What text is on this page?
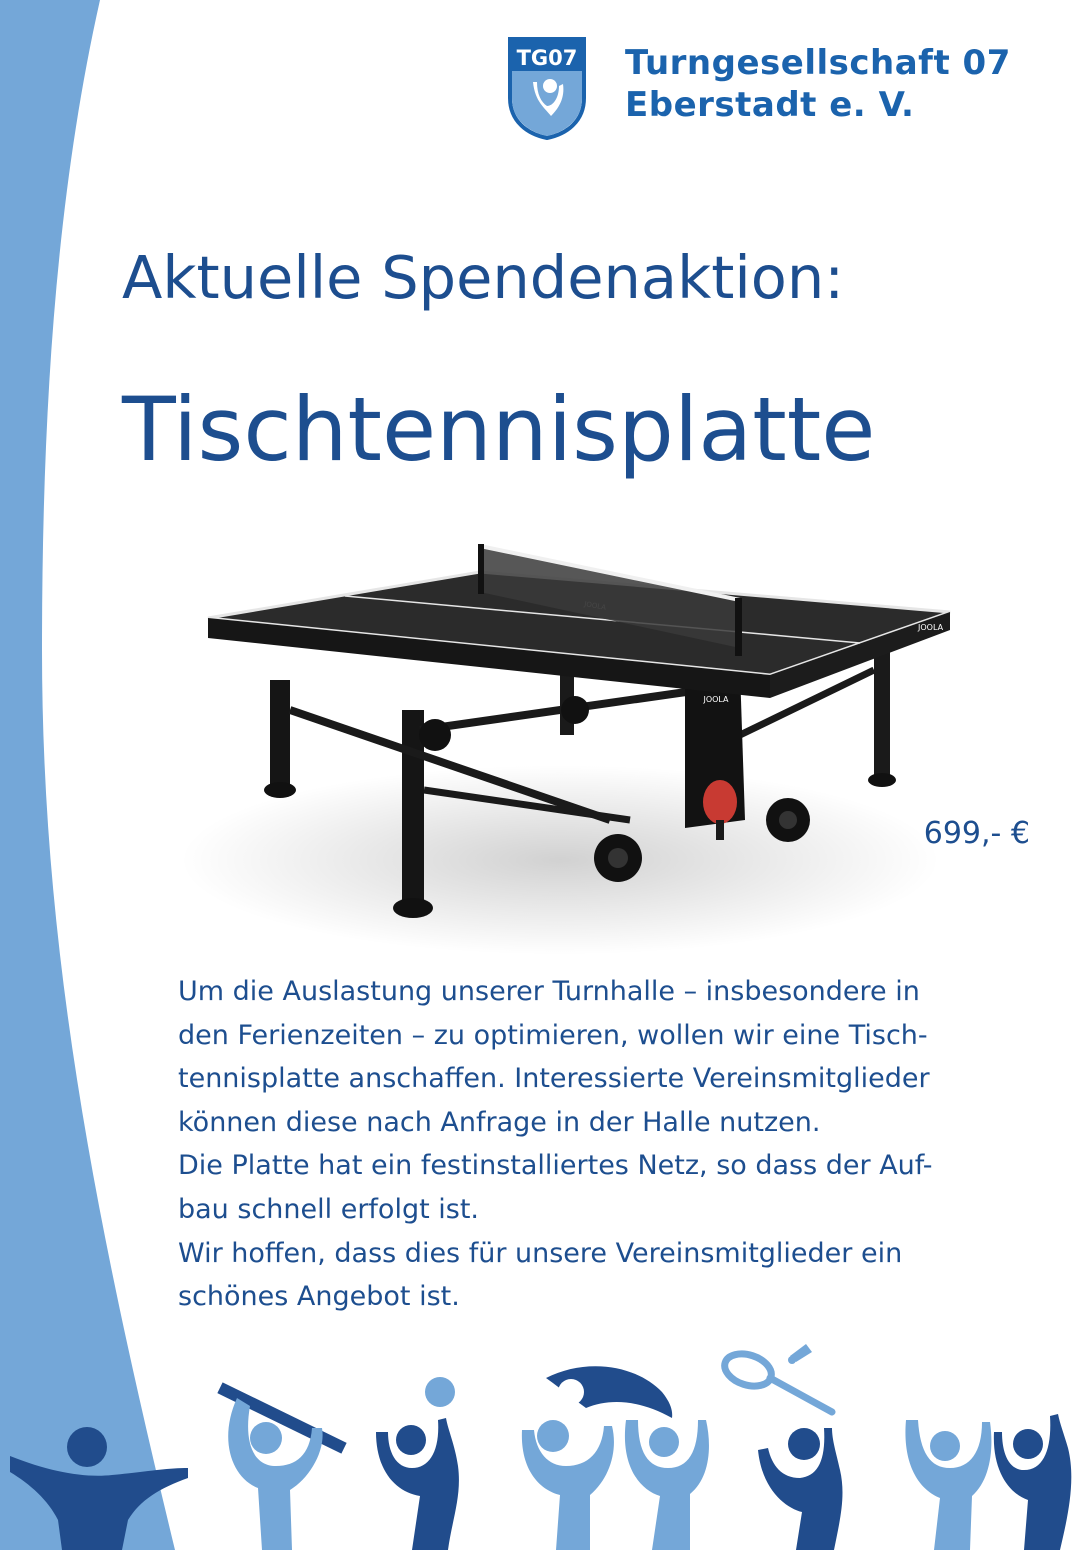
TG07 Turngesellschaft 07
Eberstadt e. V.
Aktuelle Spendenaktion:
Tischtennisplatte
JOOLA
JOOLA
JOOLA
699,- €

Um die Auslastung unserer Turnhalle – insbesondere in

den Ferienzeiten – zu optimieren, wollen wir eine Tisch-

tennisplatte anschaffen. Interessierte Vereinsmitglieder

können diese nach Anfrage in der Halle nutzen.

Die Platte hat ein festinstalliertes Netz, so dass der Auf-

bau schnell erfolgt ist.

Wir hoffen, dass dies für unsere Vereinsmitglieder ein

schönes Angebot ist.
